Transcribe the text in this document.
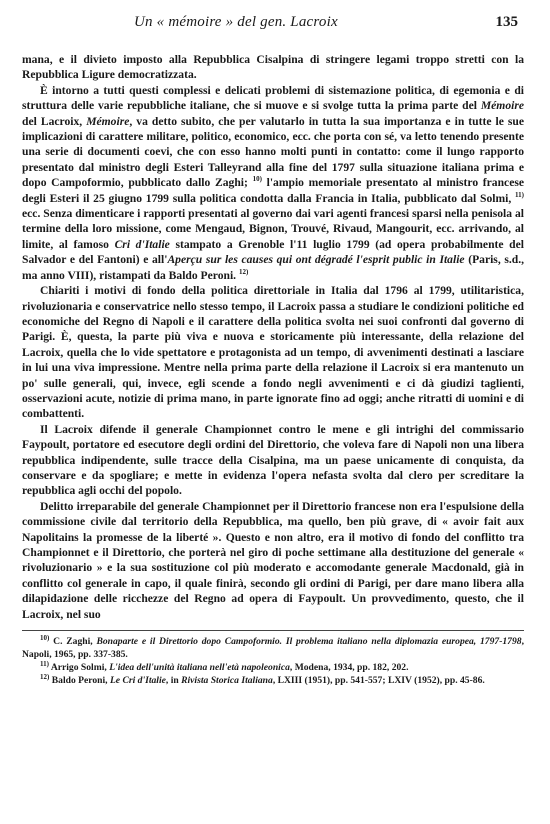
Un « mémoire » del gen. Lacroix	135

mana, e il divieto imposto alla Repubblica Cisalpina di stringere legami troppo stretti con la Repubblica Ligure democratizzata.

È intorno a tutti questi complessi e delicati problemi di sistemazione politica, di egemonia e di struttura delle varie repubbliche italiane, che si muove e si svolge tutta la prima parte del Mémoire del Lacroix, Mémoire, va detto subito, che per valutarlo in tutta la sua importanza e in tutte le sue implicazioni di carattere militare, politico, economico, ecc. che porta con sé, va letto tenendo presente una serie di documenti coevi, che con esso hanno molti punti in contatto: come il lungo rapporto presentato dal ministro degli Esteri Talleyrand alla fine del 1797 sulla situazione italiana prima e dopo Campoformio, pubblicato dallo Zaghi; $^{10)}$ l'ampio memoriale presentato al ministro francese degli Esteri il 25 giugno 1799 sulla politica condotta dalla Francia in Italia, pubblicato dal Solmi, $^{11)}$ ecc. Senza dimenticare i rapporti presentati al governo dai vari agenti francesi sparsi nella penisola al termine della loro missione, come Mengaud, Bignon, Trouvé, Rivaud, Mangourit, ecc. arrivando, al limite, al famoso Cri d'Italie stampato a Grenoble l'11 luglio 1799 (ad opera probabilmente del Salvador e del Fantoni) e all'Aperçu sur les causes qui ont dégradé l'esprit public in Italie (Paris, s.d., ma anno VIII), ristampati da Baldo Peroni. $^{12)}$

Chiariti i motivi di fondo della politica direttoriale in Italia dal 1796 al 1799, utilitaristica, rivoluzionaria e conservatrice nello stesso tempo, il Lacroix passa a studiare le condizioni politiche ed economiche del Regno di Napoli e il carattere della politica svolta nei suoi confronti dal governo di Parigi. È, questa, la parte più viva e nuova e storicamente più interessante, della relazione del Lacroix, quella che lo vide spettatore e protagonista ad un tempo, di avvenimenti destinati a lasciare in lui una viva impressione. Mentre nella prima parte della relazione il Lacroix si era mantenuto un po' sulle generali, qui, invece, egli scende a fondo negli avvenimenti e ci dà giudizi taglienti, osservazioni acute, notizie di prima mano, in parte ignorate fino ad oggi; anche ritratti di uomini e di combattenti.

Il Lacroix difende il generale Championnet contro le mene e gli intrighi del commissario Faypoult, portatore ed esecutore degli ordini del Direttorio, che voleva fare di Napoli non una libera repubblica indipendente, sulle tracce della Cisalpina, ma un paese unicamente di conquista, da conservare e da spogliare; e mette in evidenza l'opera nefasta svolta dal clero per screditare la repubblica agli occhi del popolo.

Delitto irreparabile del generale Championnet per il Direttorio francese non era l'espulsione della commissione civile dal territorio della Repubblica, ma quello, ben più grave, di « avoir fait aux Napolitains la promesse de la liberté ». Questo e non altro, era il motivo di fondo del conflitto tra Championnet e il Direttorio, che porterà nel giro di poche settimane alla destituzione del generale « rivoluzionario » e la sua sostituzione col più moderato e accomodante generale Macdonald, già in conflitto col generale in capo, il quale finirà, secondo gli ordini di Parigi, per dare mano libera alla dilapidazione delle ricchezze del Regno ad opera di Faypoult. Un provvedimento, questo, che il Lacroix, nel suo

$^{10)}$ C. Zaghi, Bonaparte e il Direttorio dopo Campoformio. Il problema italiano nella diplomazia europea, 1797-1798, Napoli, 1965, pp. 337-385.

$^{11)}$ Arrigo Solmi, L'idea dell'unità italiana nell'età napoleonica, Modena, 1934, pp. 182, 202.

$^{12)}$ Baldo Peroni, Le Cri d'Italie, in Rivista Storica Italiana, LXIII (1951), pp. 541-557; LXIV (1952), pp. 45-86.
